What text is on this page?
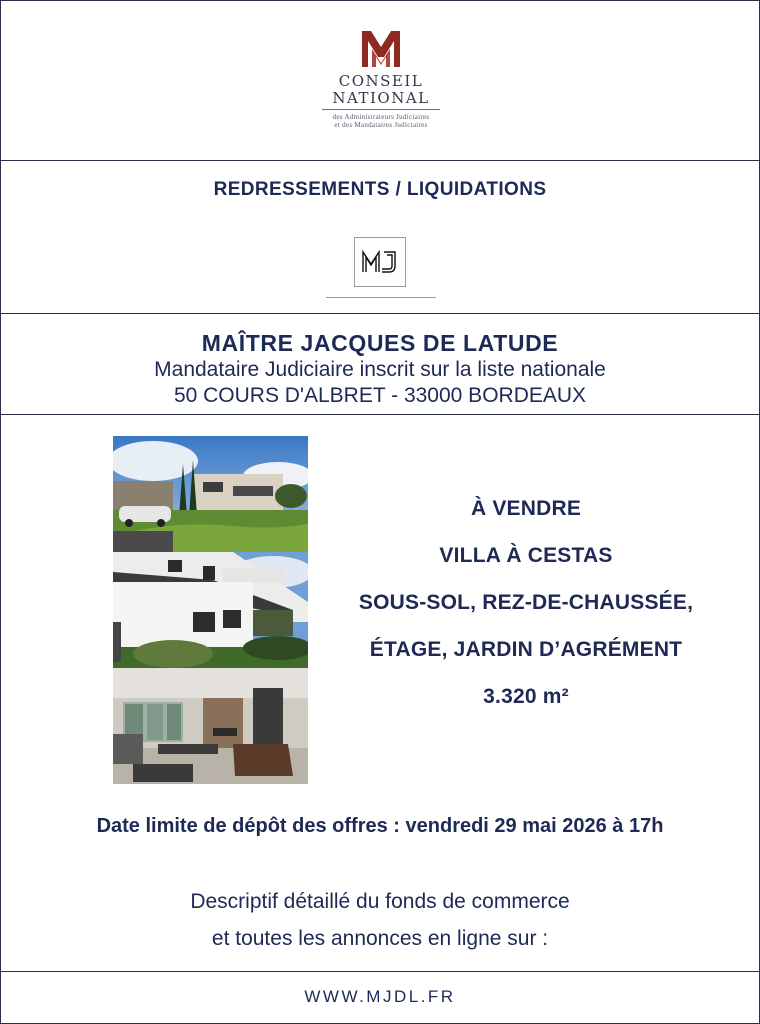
CONSEIL
NATIONAL
des Administrateurs Judiciaires
et des Mandataires Judiciaires
REDRESSEMENTS / LIQUIDATIONS
MJ
MAÎTRE JACQUES DE LATUDE
Mandataire Judiciaire inscrit sur la liste nationale
50 COURS D'ALBRET - 33000 BORDEAUX
À VENDRE
VILLA À CESTAS
SOUS-SOL, REZ-DE-CHAUSSÉE,
ÉTAGE, JARDIN D’AGRÉMENT
3.320 m²
Date limite de dépôt des offres : vendredi 29 mai 2026 à 17h
Descriptif détaillé du fonds de commerce
et toutes les annonces en ligne sur :
WWW.MJDL.FR
